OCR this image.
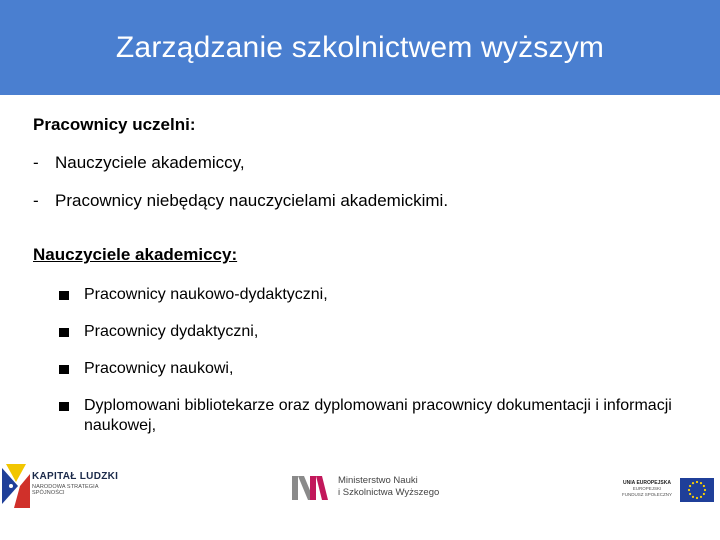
Zarządzanie szkolnictwem wyższym

Pracownicy uczelni:

- Nauczyciele akademiccy,
- Pracownicy niebędący nauczycielami akademickimi.

Nauczyciele akademiccy:

Pracownicy naukowo-dydaktyczni,
Pracownicy dydaktyczni,
Pracownicy naukowi,
Dyplomowani bibliotekarze oraz dyplomowani pracownicy dokumentacji i informacji naukowej,
KAPITAŁ LUDZKI
NARODOWA STRATEGIA SPÓJNOŚCI
Ministerstwo Nauki
i Szkolnictwa Wyższego
UNIA EUROPEJSKA
EUROPEJSKI
FUNDUSZ SPOŁECZNY
